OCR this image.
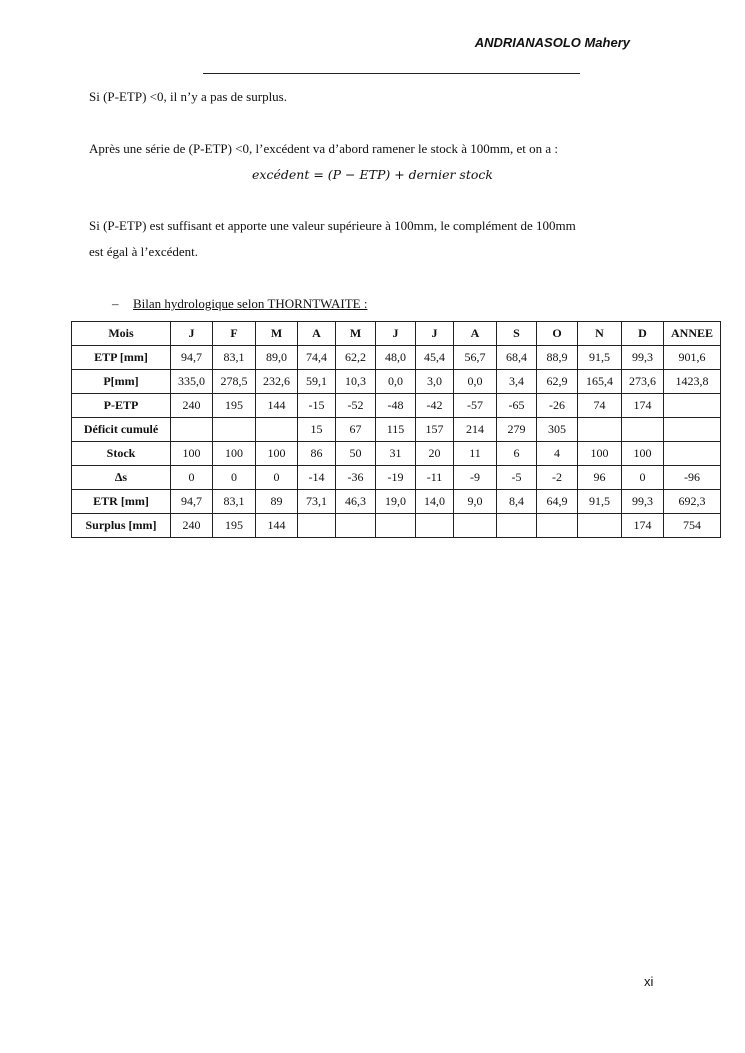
ANDRIANASOLO Mahery

Si (P-ETP) <0, il n’y a pas de surplus.

Après une série de (P-ETP) <0, l’excédent va d’abord ramener le stock à 100mm, et on a :

excédent = (P − ETP) + dernier stock

Si (P-ETP) est suffisant et apporte une valeur supérieure à 100mm, le complément de 100mm

est égal à l’excédent.

– Bilan hydrologique selon THORNTWAITE :
Mois	J	F	M	A	M	J	J	A	S	O	N	D	ANNEE
ETP [mm]	94,7	83,1	89,0	74,4	62,2	48,0	45,4	56,7	68,4	88,9	91,5	99,3	901,6
P[mm]	335,0	278,5	232,6	59,1	10,3	0,0	3,0	0,0	3,4	62,9	165,4	273,6	1423,8
P-ETP	240	195	144	-15	-52	-48	-42	-57	-65	-26	74	174	
Déficit cumulé				15	67	115	157	214	279	305			
Stock	100	100	100	86	50	31	20	11	6	4	100	100	
∆s	0	0	0	-14	-36	-19	-11	-9	-5	-2	96	0	-96
ETR [mm]	94,7	83,1	89	73,1	46,3	19,0	14,0	9,0	8,4	64,9	91,5	99,3	692,3
Surplus [mm]	240	195	144									174	754
xi
